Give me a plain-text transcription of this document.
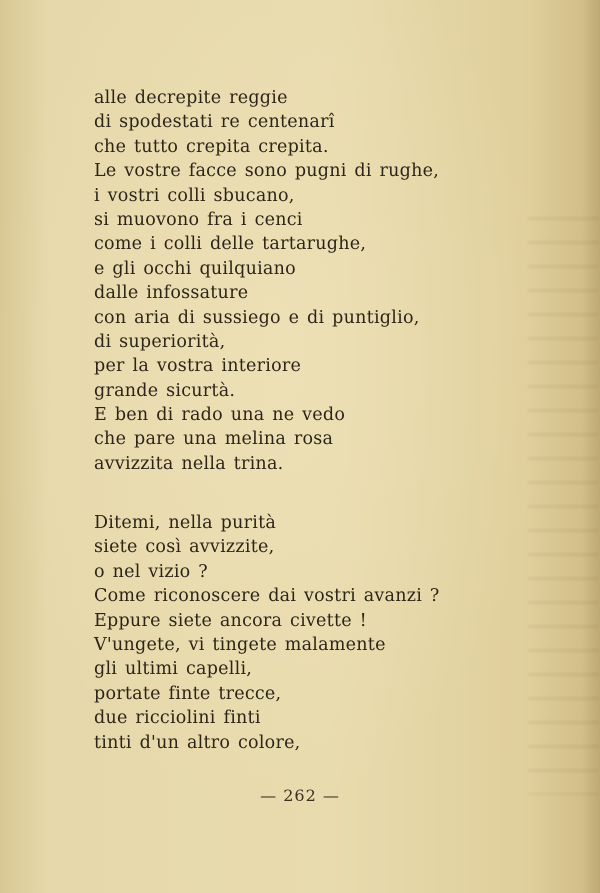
alle decrepite reggie
di spodestati re centenarî
che tutto crepita crepita.
Le vostre facce sono pugni di rughe,
i vostri colli sbucano,
si muovono fra i cenci
come i colli delle tartarughe,
e gli occhi quilquiano
dalle infossature
con aria di sussiego e di puntiglio,
di superiorità,
per la vostra interiore
grande sicurtà.
E ben di rado una ne vedo
che pare una melina rosa
avvizzita nella trina.
Ditemi, nella purità
siete così avvizzite,
o nel vizio ?
Come riconoscere dai vostri avanzi ?
Eppure siete ancora civette !
V'ungete, vi tingete malamente
gli ultimi capelli,
portate finte trecce,
due ricciolini finti
tinti d'un altro colore,
— 262 —
